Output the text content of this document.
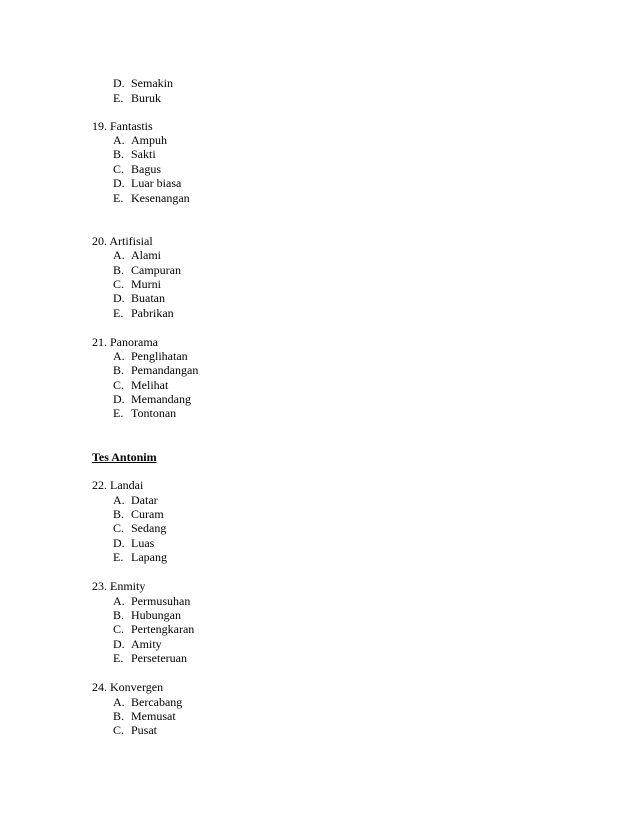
D. Semakin
E. Buruk
19. Fantastis
A. Ampuh
B. Sakti
C. Bagus
D. Luar biasa
E. Kesenangan
20. Artifisial
A. Alami
B. Campuran
C. Murni
D. Buatan
E. Pabrikan
21. Panorama
A. Penglihatan
B. Pemandangan
C. Melihat
D. Memandang
E. Tontonan
Tes Antonim
22. Landai
A. Datar
B. Curam
C. Sedang
D. Luas
E. Lapang
23. Enmity
A. Permusuhan
B. Hubungan
C. Pertengkaran
D. Amity
E. Perseteruan
24. Konvergen
A. Bercabang
B. Memusat
C. Pusat
